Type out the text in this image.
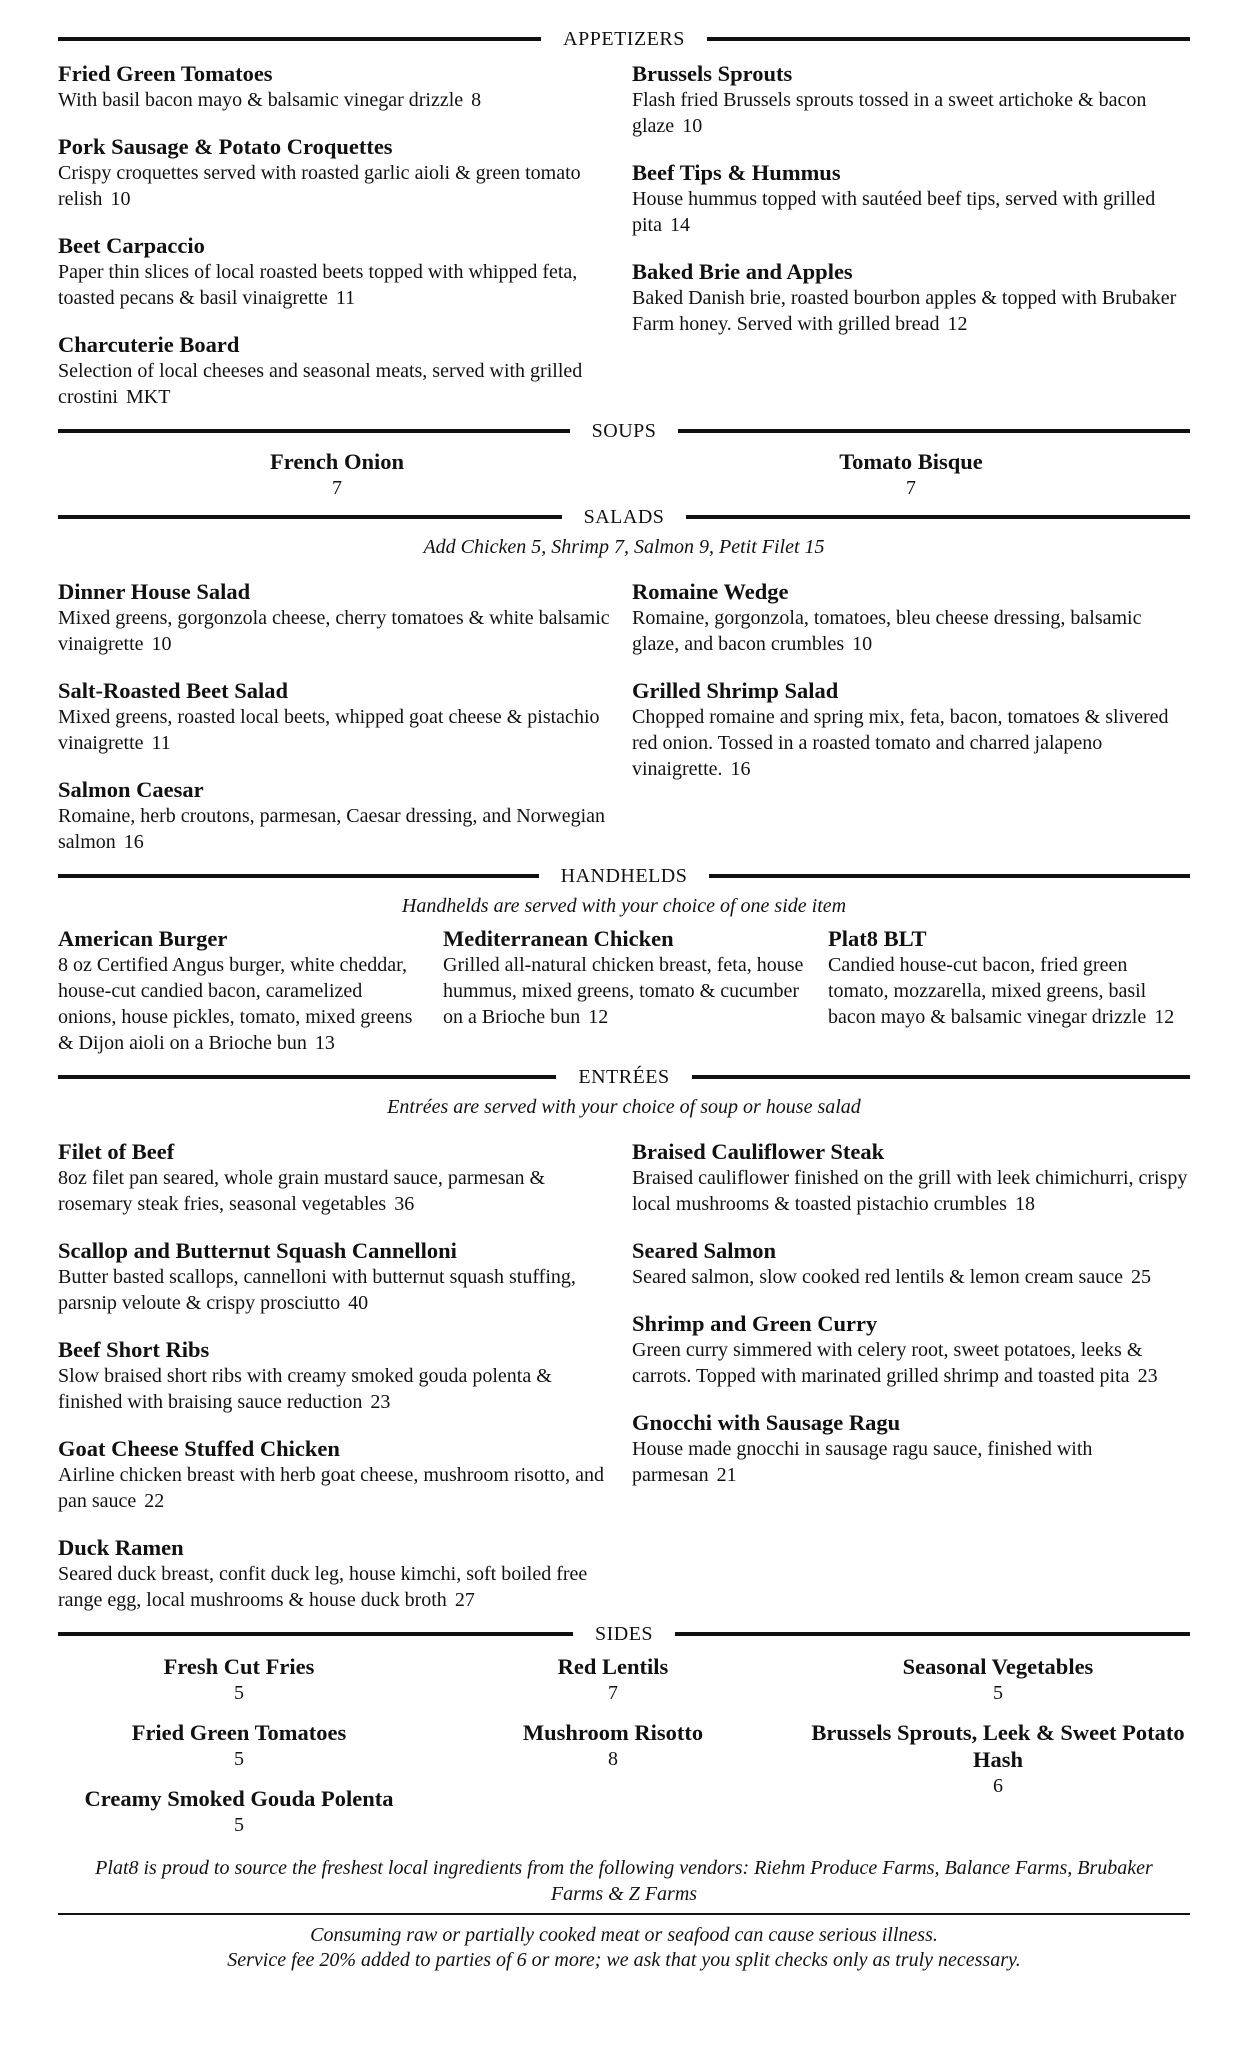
APPETIZERS
Fried Green Tomatoes
With basil bacon mayo & balsamic vinegar drizzle 8
Pork Sausage & Potato Croquettes
Crispy croquettes served with roasted garlic aioli & green tomato relish 10
Beet Carpaccio
Paper thin slices of local roasted beets topped with whipped feta, toasted pecans & basil vinaigrette 11
Charcuterie Board
Selection of local cheeses and seasonal meats, served with grilled crostini MKT
Brussels Sprouts
Flash fried Brussels sprouts tossed in a sweet artichoke & bacon glaze 10
Beef Tips & Hummus
House hummus topped with sautéed beef tips, served with grilled pita 14
Baked Brie and Apples
Baked Danish brie, roasted bourbon apples & topped with Brubaker Farm honey. Served with grilled bread 12
SOUPS
French Onion
7
Tomato Bisque
7
SALADS
Add Chicken 5, Shrimp 7, Salmon 9, Petit Filet 15
Dinner House Salad
Mixed greens, gorgonzola cheese, cherry tomatoes & white balsamic vinaigrette 10
Salt-Roasted Beet Salad
Mixed greens, roasted local beets, whipped goat cheese & pistachio vinaigrette 11
Salmon Caesar
Romaine, herb croutons, parmesan, Caesar dressing, and Norwegian salmon 16
Romaine Wedge
Romaine, gorgonzola, tomatoes, bleu cheese dressing, balsamic glaze, and bacon crumbles 10
Grilled Shrimp Salad
Chopped romaine and spring mix, feta, bacon, tomatoes & slivered red onion. Tossed in a roasted tomato and charred jalapeno vinaigrette. 16
HANDHELDS
Handhelds are served with your choice of one side item
American Burger
8 oz Certified Angus burger, white cheddar, house-cut candied bacon, caramelized onions, house pickles, tomato, mixed greens & Dijon aioli on a Brioche bun 13
Mediterranean Chicken
Grilled all-natural chicken breast, feta, house hummus, mixed greens, tomato & cucumber on a Brioche bun 12
Plat8 BLT
Candied house-cut bacon, fried green tomato, mozzarella, mixed greens, basil bacon mayo & balsamic vinegar drizzle 12
ENTRÉES
Entrées are served with your choice of soup or house salad
Filet of Beef
8oz filet pan seared, whole grain mustard sauce, parmesan & rosemary steak fries, seasonal vegetables 36
Scallop and Butternut Squash Cannelloni
Butter basted scallops, cannelloni with butternut squash stuffing, parsnip veloute & crispy prosciutto 40
Beef Short Ribs
Slow braised short ribs with creamy smoked gouda polenta & finished with braising sauce reduction 23
Goat Cheese Stuffed Chicken
Airline chicken breast with herb goat cheese, mushroom risotto, and pan sauce 22
Duck Ramen
Seared duck breast, confit duck leg, house kimchi, soft boiled free range egg, local mushrooms & house duck broth 27
Braised Cauliflower Steak
Braised cauliflower finished on the grill with leek chimichurri, crispy local mushrooms & toasted pistachio crumbles 18
Seared Salmon
Seared salmon, slow cooked red lentils & lemon cream sauce 25
Shrimp and Green Curry
Green curry simmered with celery root, sweet potatoes, leeks & carrots. Topped with marinated grilled shrimp and toasted pita 23
Gnocchi with Sausage Ragu
House made gnocchi in sausage ragu sauce, finished with parmesan 21
SIDES
Fresh Cut Fries
5
Fried Green Tomatoes
5
Creamy Smoked Gouda Polenta
5
Red Lentils
7
Mushroom Risotto
8
Seasonal Vegetables
5
Brussels Sprouts, Leek & Sweet Potato Hash
6
Plat8 is proud to source the freshest local ingredients from the following vendors: Riehm Produce Farms, Balance Farms, Brubaker Farms & Z Farms
Consuming raw or partially cooked meat or seafood can cause serious illness.
Service fee 20% added to parties of 6 or more; we ask that you split checks only as truly necessary.
